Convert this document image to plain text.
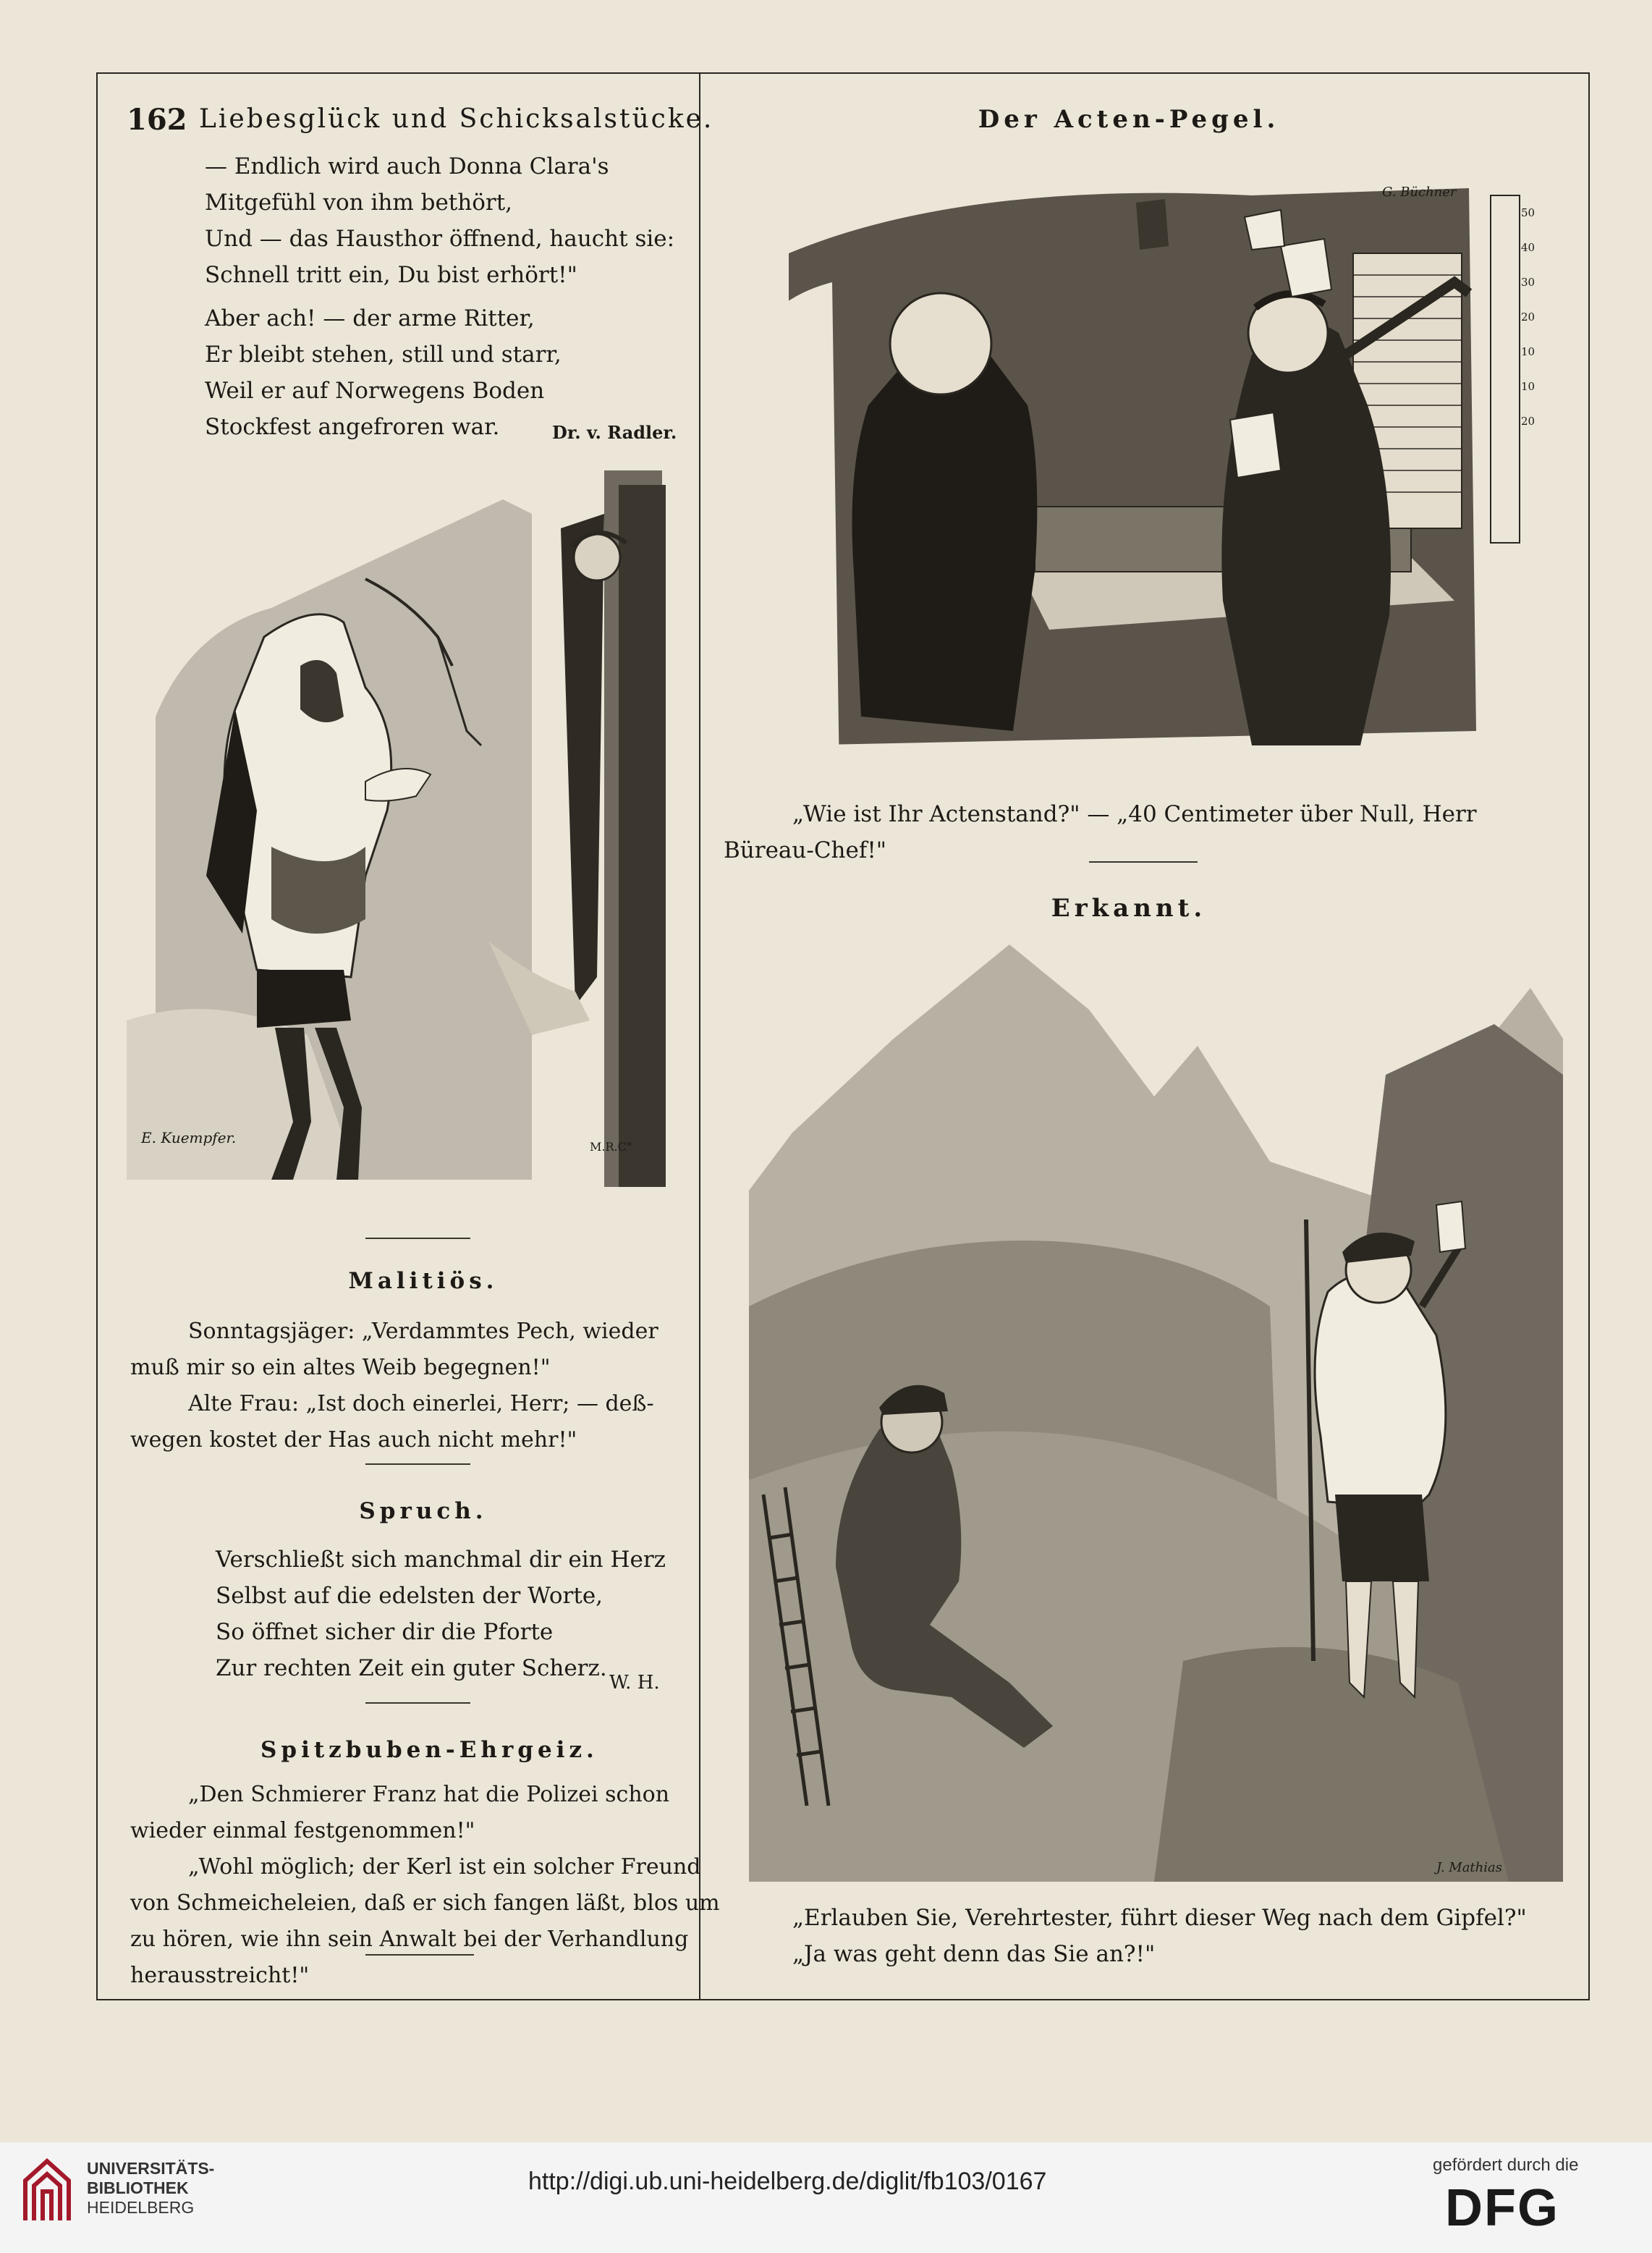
162 Liebesglück und Schicksalstücke.
— Endlich wird auch Donna Clara's
Mitgefühl von ihm bethört,
Und — das Hausthor öffnend, haucht sie:
Schnell tritt ein, Du bist erhört!"
Aber ach! — der arme Ritter,
Er bleibt stehen, still und starr,
Weil er auf Norwegens Boden
Stockfest angefroren war.	Dr. v. Radler.
E. Kuempfer.
M.R.C°
Malitiös.
Sonntagsjäger: „Verdammtes Pech, wieder
muß mir so ein altes Weib begegnen!"
Alte Frau: „Ist doch einerlei, Herr; — deß-
wegen kostet der Has auch nicht mehr!"
Spruch.
Verschließt sich manchmal dir ein Herz
Selbst auf die edelsten der Worte,
So öffnet sicher dir die Pforte
Zur rechten Zeit ein guter Scherz.
W. H.
Spitzbuben-Ehrgeiz.
„Den Schmierer Franz hat die Polizei schon
wieder einmal festgenommen!"
„Wohl möglich; der Kerl ist ein solcher Freund
von Schmeicheleien, daß er sich fangen läßt, blos um
zu hören, wie ihn sein Anwalt bei der Verhandlung
herausstreicht!"
Der Acten-Pegel.
G. Büchner
50
40
30
20
10
10
20
„Wie ist Ihr Actenstand?" — „40 Centimeter über Null, Herr
Büreau-Chef!"
Erkannt.
J. Mathias
„Erlauben Sie, Verehrtester, führt dieser Weg nach dem Gipfel?"
„Ja was geht denn das Sie an?!"
UNIVERSITÄTS-
BIBLIOTHEK
HEIDELBERG
http://digi.ub.uni-heidelberg.de/diglit/fb103/0167
gefördert durch die
DFG
